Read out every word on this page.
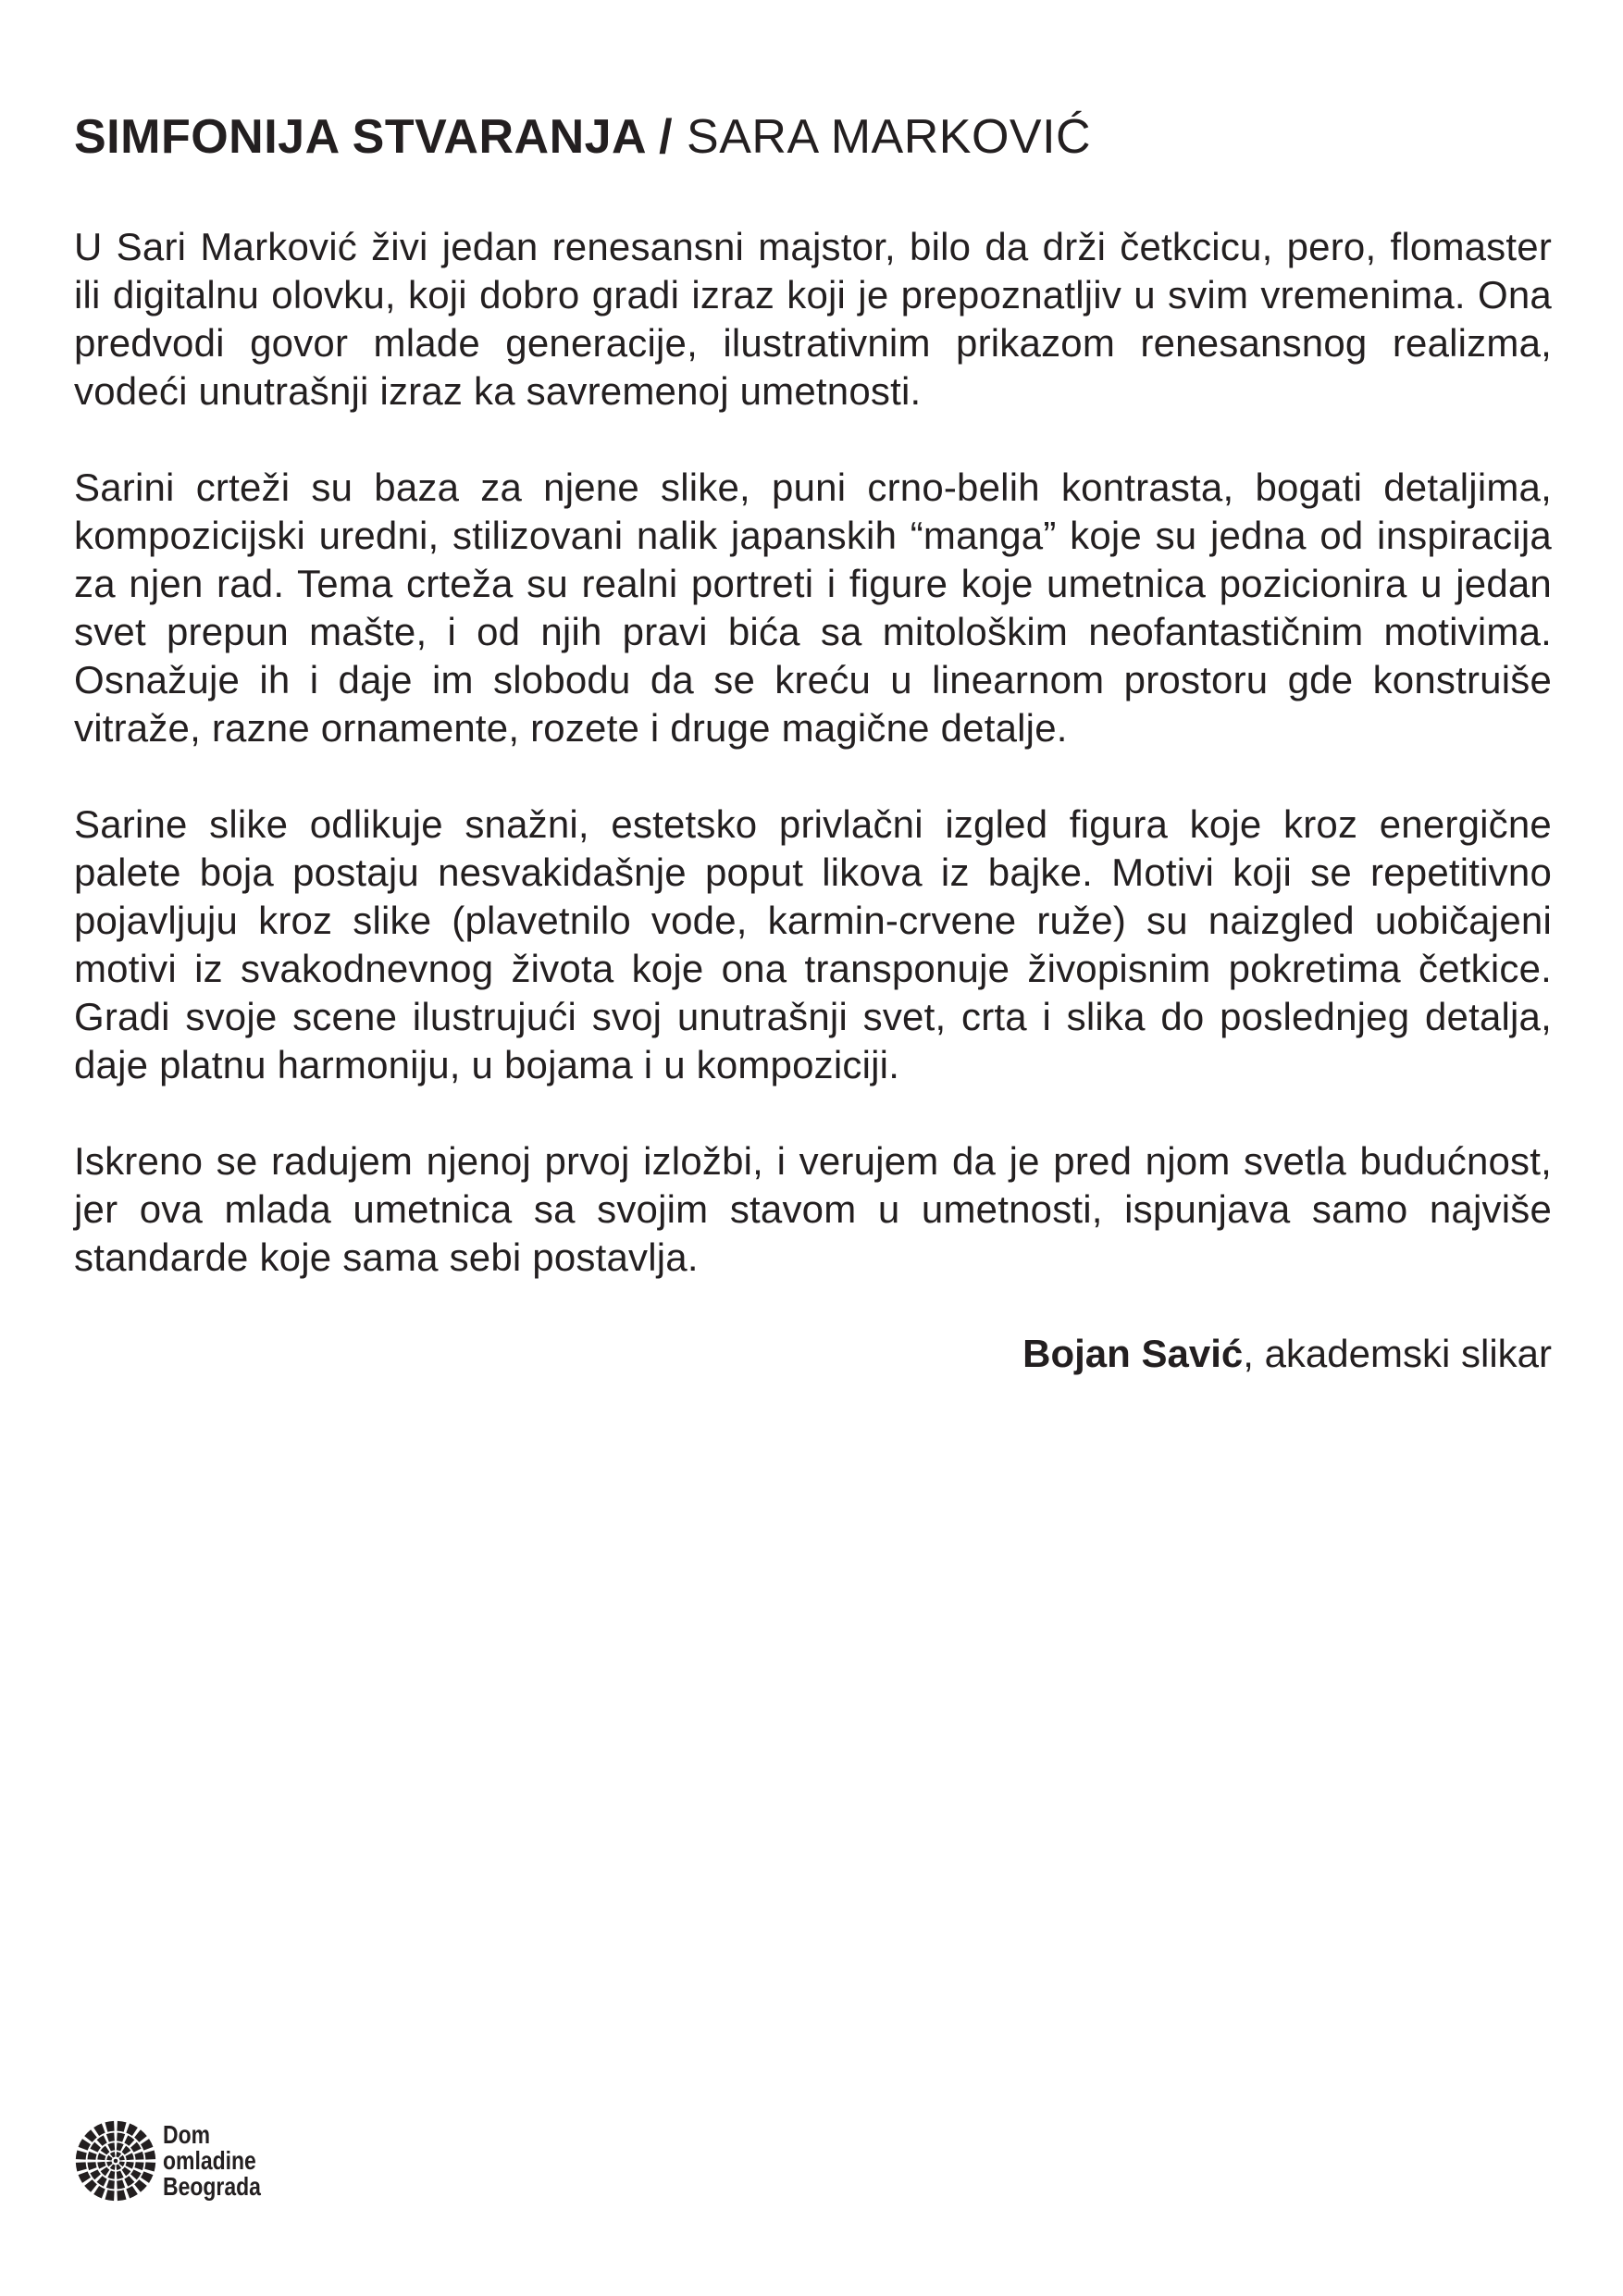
SIMFONIJA STVARANJA / SARA MARKOVIĆ

U Sari Marković živi jedan renesansni majstor, bilo da drži četkcicu, pero, flomaster ili digitalnu olovku, koji dobro gradi izraz koji je prepoznatljiv u svim vremenima. Ona predvodi govor mlade generacije, ilustrativnim prikazom renesansnog realizma, vodeći unutrašnji izraz ka savremenoj umetnosti.

Sarini crteži su baza za njene slike, puni crno-belih kontrasta, bogati detaljima, kompozicijski uredni, stilizovani nalik japanskih “manga” koje su jedna od inspiracija za njen rad. Tema crteža su realni portreti i figure koje umetnica pozicionira u jedan svet prepun mašte, i od njih pravi bića sa mitološkim neofantastičnim motivima. Osnažuje ih i daje im slobodu da se kreću u linearnom prostoru gde konstruiše vitraže, razne ornamente, rozete i druge magične detalje.

Sarine slike odlikuje snažni, estetsko privlačni izgled figura koje kroz energične palete boja postaju nesvakidašnje poput likova iz bajke. Motivi koji se repetitivno pojavljuju kroz slike (plavetnilo vode, karmin-crvene ruže) su naizgled uobičajeni motivi iz svakodnevnog života koje ona transponuje živopisnim pokretima četkice. Gradi svoje scene ilustrujući svoj unutrašnji svet, crta i slika do poslednjeg detalja, daje platnu harmoniju, u bojama i u kompoziciji.

Iskreno se radujem njenoj prvoj izložbi, i verujem da je pred njom svetla budućnost, jer ova mlada umetnica sa svojim stavom u umetnosti, ispunjava samo najviše standarde koje sama sebi postavlja.

Bojan Savić, akademski slikar
Dom
omladine
Beograda
